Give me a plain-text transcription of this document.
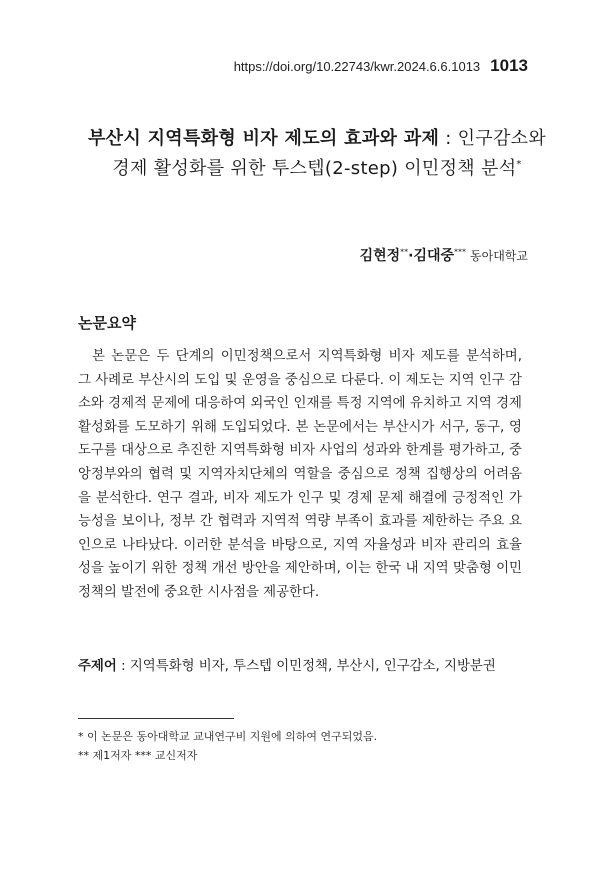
https://doi.org/10.22743/kwr.2024.6.6.1013 1013
부산시 지역특화형 비자 제도의 효과와 과제 : 인구감소와
경제 활성화를 위한 투스텝(2-step) 이민정책 분석*
김현정**·김대중*** 동아대학교
논문요약

본 논문은 두 단계의 이민정책으로서 지역특화형 비자 제도를 분석하며, 그 사례로 부산시의 도입 및 운영을 중심으로 다룬다. 이 제도는 지역 인구 감소와 경제적 문제에 대응하여 외국인 인재를 특정 지역에 유치하고 지역 경제 활성화를 도모하기 위해 도입되었다. 본 논문에서는 부산시가 서구, 동구, 영도구를 대상으로 추진한 지역특화형 비자 사업의 성과와 한계를 평가하고, 중앙정부와의 협력 및 지역자치단체의 역할을 중심으로 정책 집행상의 어려움을 분석한다. 연구 결과, 비자 제도가 인구 및 경제 문제 해결에 긍정적인 가능성을 보이나, 정부 간 협력과 지역적 역량 부족이 효과를 제한하는 주요 요인으로 나타났다. 이러한 분석을 바탕으로, 지역 자율성과 비자 관리의 효율성을 높이기 위한 정책 개선 방안을 제안하며, 이는 한국 내 지역 맞춤형 이민정책의 발전에 중요한 시사점을 제공한다.

주제어 : 지역특화형 비자, 투스텝 이민정책, 부산시, 인구감소, 지방분권

* 이 논문은 동아대학교 교내연구비 지원에 의하여 연구되었음.

** 제1저자 *** 교신저자
